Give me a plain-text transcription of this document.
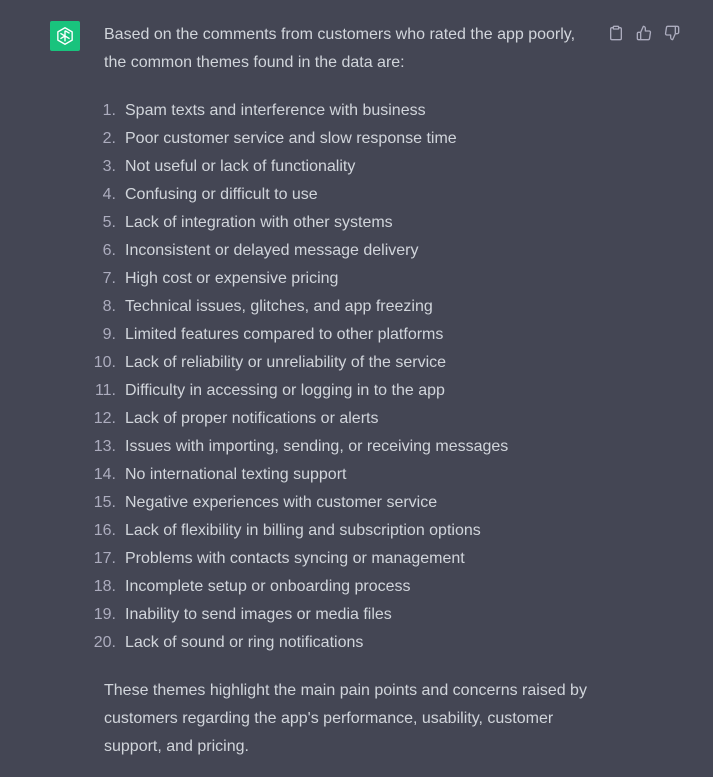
Based on the comments from customers who rated the app poorly, the common themes found in the data are:

1. Spam texts and interference with business
2. Poor customer service and slow response time
3. Not useful or lack of functionality
4. Confusing or difficult to use
5. Lack of integration with other systems
6. Inconsistent or delayed message delivery
7. High cost or expensive pricing
8. Technical issues, glitches, and app freezing
9. Limited features compared to other platforms
10. Lack of reliability or unreliability of the service
11. Difficulty in accessing or logging in to the app
12. Lack of proper notifications or alerts
13. Issues with importing, sending, or receiving messages
14. No international texting support
15. Negative experiences with customer service
16. Lack of flexibility in billing and subscription options
17. Problems with contacts syncing or management
18. Incomplete setup or onboarding process
19. Inability to send images or media files
20. Lack of sound or ring notifications

These themes highlight the main pain points and concerns raised by customers regarding the app's performance, usability, customer support, and pricing.
